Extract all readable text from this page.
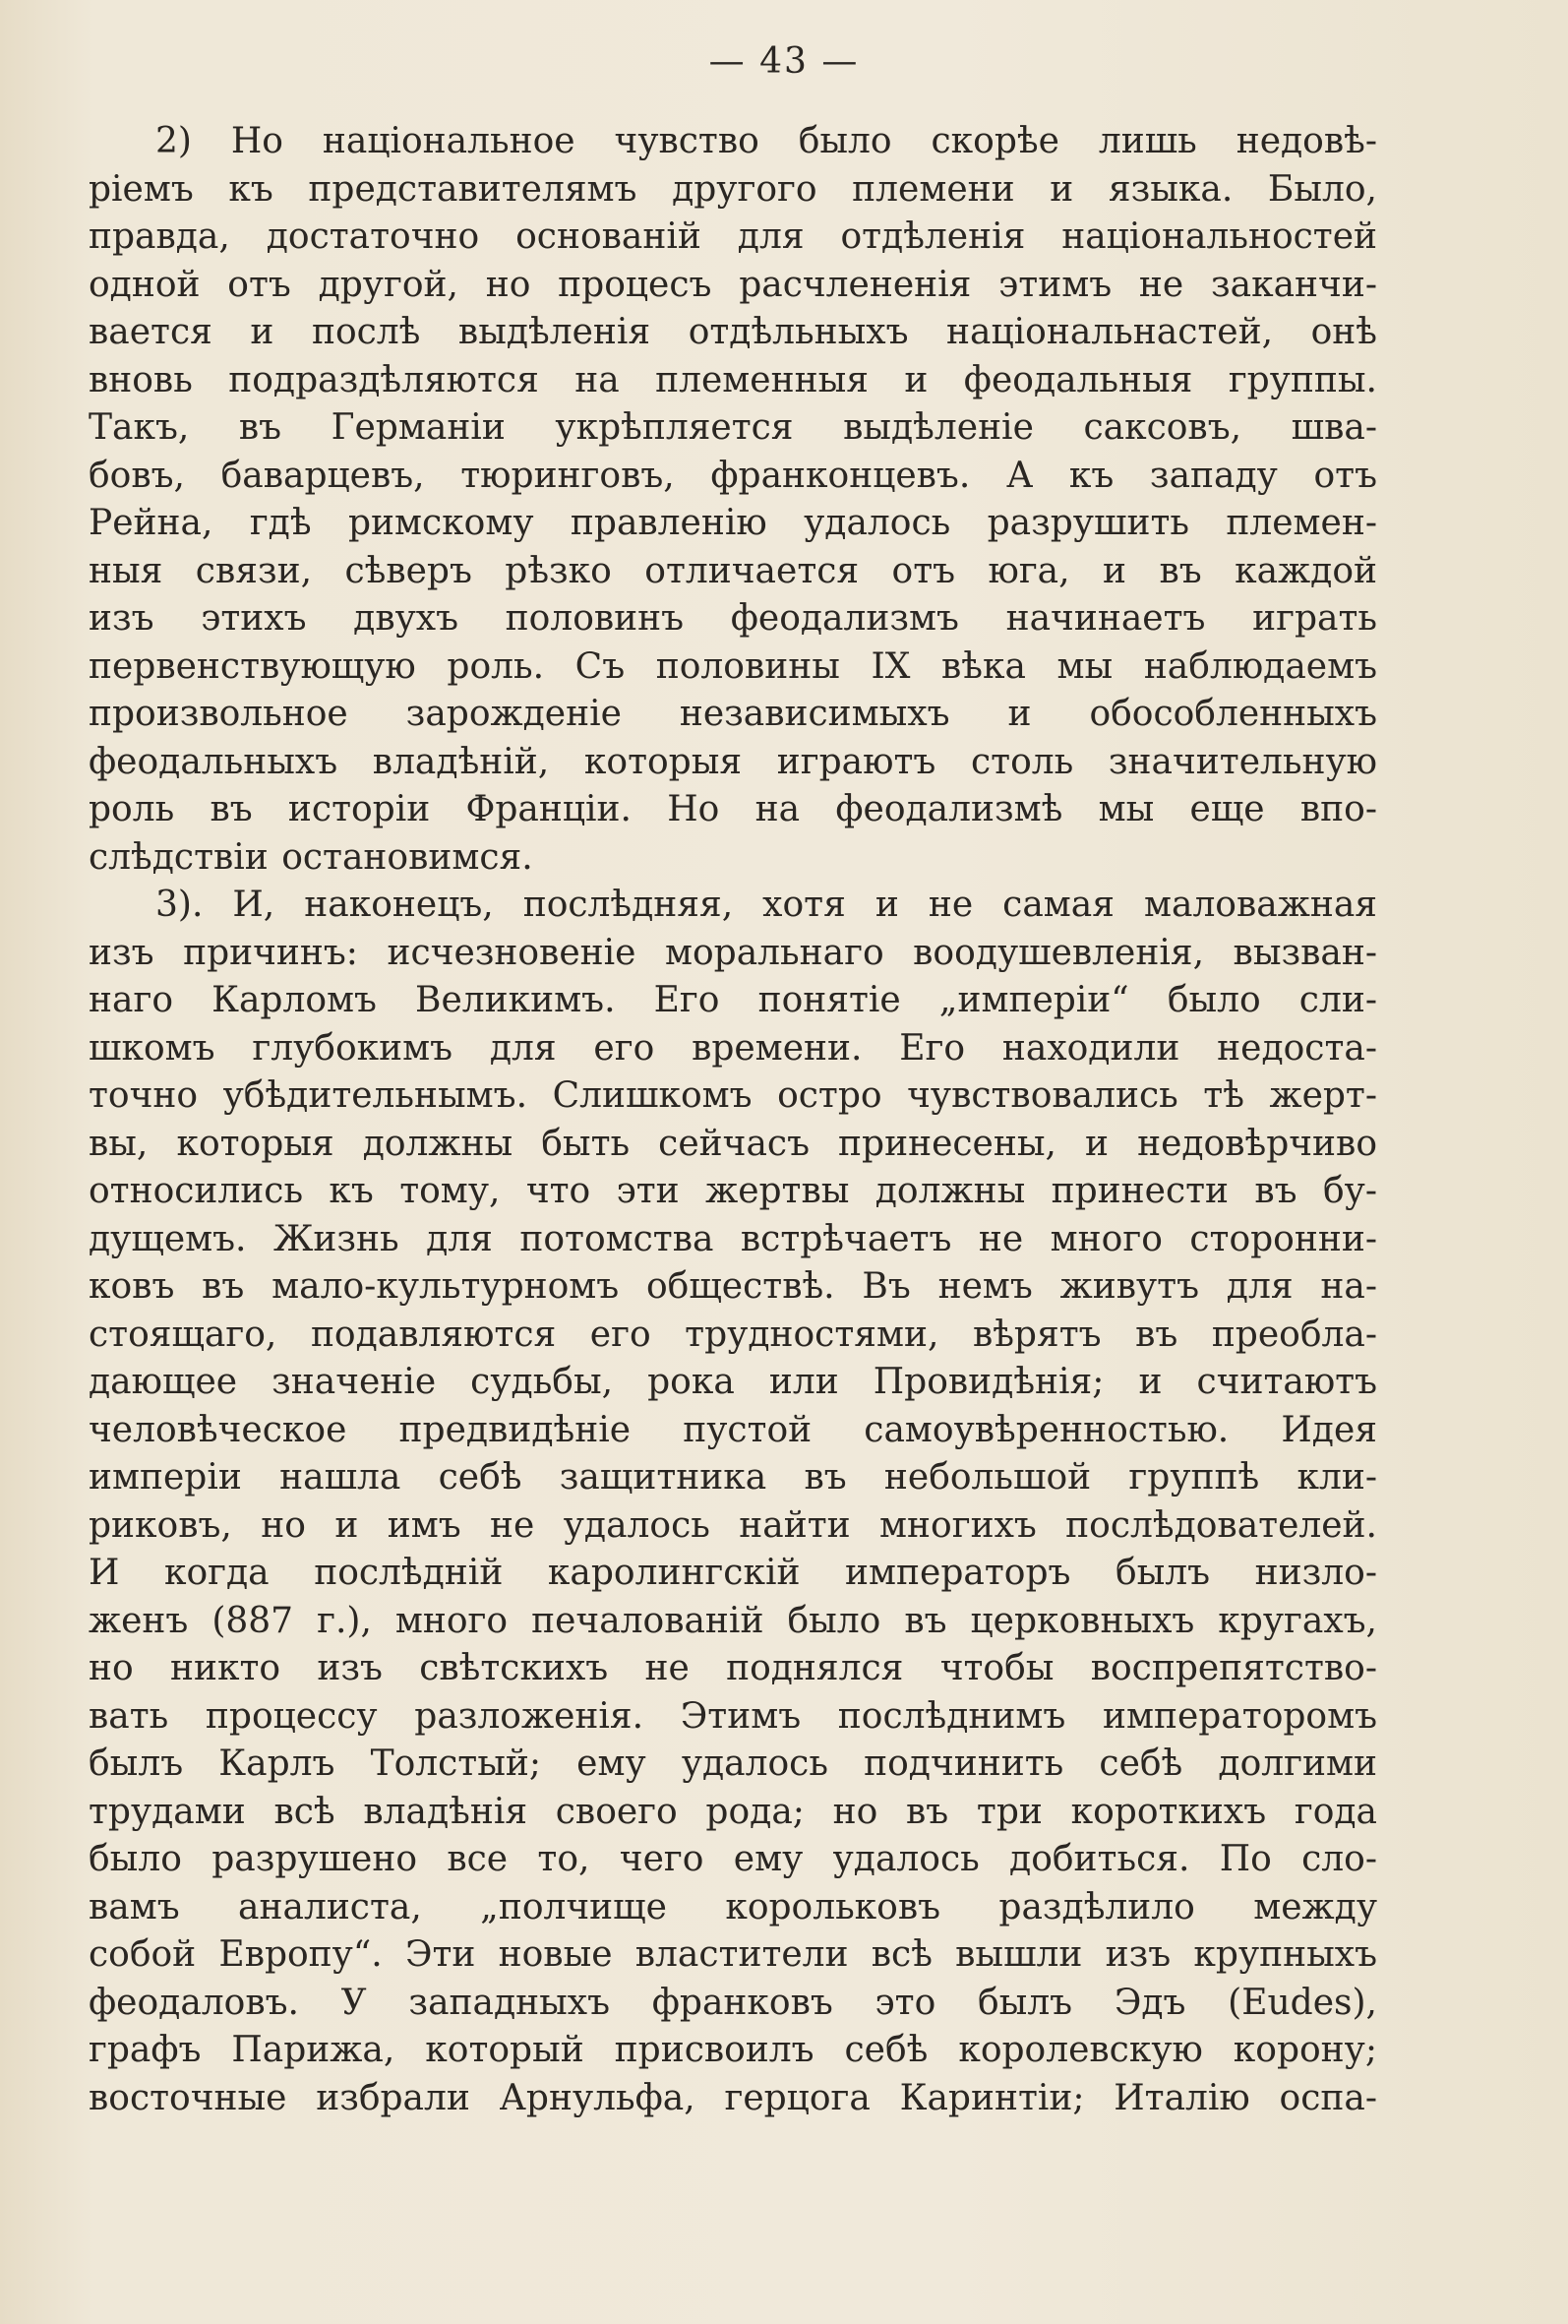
— 43 —
2) Но національное чувство было скорѣе лишь недовѣ-
ріемъ къ представителямъ другого племени и языка. Было,
правда, достаточно основаній для отдѣленія національностей
одной отъ другой, но процесъ расчлененія этимъ не заканчи-
вается и послѣ выдѣленія отдѣльныхъ національнастей, онѣ
вновь подраздѣляются на племенныя и феодальныя группы.
Такъ, въ Германіи укрѣпляется выдѣленіе саксовъ, шва-
бовъ, баварцевъ, тюринговъ, франконцевъ. А къ западу отъ
Рейна, гдѣ римскому правленію удалось разрушить племен-
ныя связи, сѣверъ рѣзко отличается отъ юга, и въ каждой
изъ этихъ двухъ половинъ феодализмъ начинаетъ играть
первенствующую роль. Съ половины IX вѣка мы наблюдаемъ
произвольное зарожденіе независимыхъ и обособленныхъ
феодальныхъ владѣній, которыя играютъ столь значительную
роль въ исторіи Франціи. Но на феодализмѣ мы еще впо-
слѣдствіи остановимся.
3). И, наконецъ, послѣдняя, хотя и не самая маловажная
изъ причинъ: исчезновеніе моральнаго воодушевленія, вызван-
наго Карломъ Великимъ. Его понятіе „имперіи“ было сли-
шкомъ глубокимъ для его времени. Его находили недоста-
точно убѣдительнымъ. Слишкомъ остро чувствовались тѣ жерт-
вы, которыя должны быть сейчасъ принесены, и недовѣрчиво
относились къ тому, что эти жертвы должны принести въ бу-
дущемъ. Жизнь для потомства встрѣчаетъ не много сторонни-
ковъ въ мало-культурномъ обществѣ. Въ немъ живутъ для на-
стоящаго, подавляются его трудностями, вѣрятъ въ преобла-
дающее значеніе судьбы, рока или Провидѣнія; и считаютъ
человѣческое предвидѣніе пустой самоувѣренностью. Идея
имперіи нашла себѣ защитника въ небольшой группѣ кли-
риковъ, но и имъ не удалось найти многихъ послѣдователей.
И когда послѣдній каролингскій императоръ былъ низло-
женъ (887 г.), много печалованій было въ церковныхъ кругахъ,
но никто изъ свѣтскихъ не поднялся чтобы воспрепятство-
вать процессу разложенія. Этимъ послѣднимъ императоромъ
былъ Карлъ Толстый; ему удалось подчинить себѣ долгими
трудами всѣ владѣнія своего рода; но въ три короткихъ года
было разрушено все то, чего ему удалось добиться. По сло-
вамъ аналиста, „полчище корольковъ раздѣлило между
собой Европу“. Эти новые властители всѣ вышли изъ крупныхъ
феодаловъ. У западныхъ франковъ это былъ Эдъ (Eudes),
графъ Парижа, который присвоилъ себѣ королевскую корону;
восточные избрали Арнульфа, герцога Каринтіи; Италію оспа-
